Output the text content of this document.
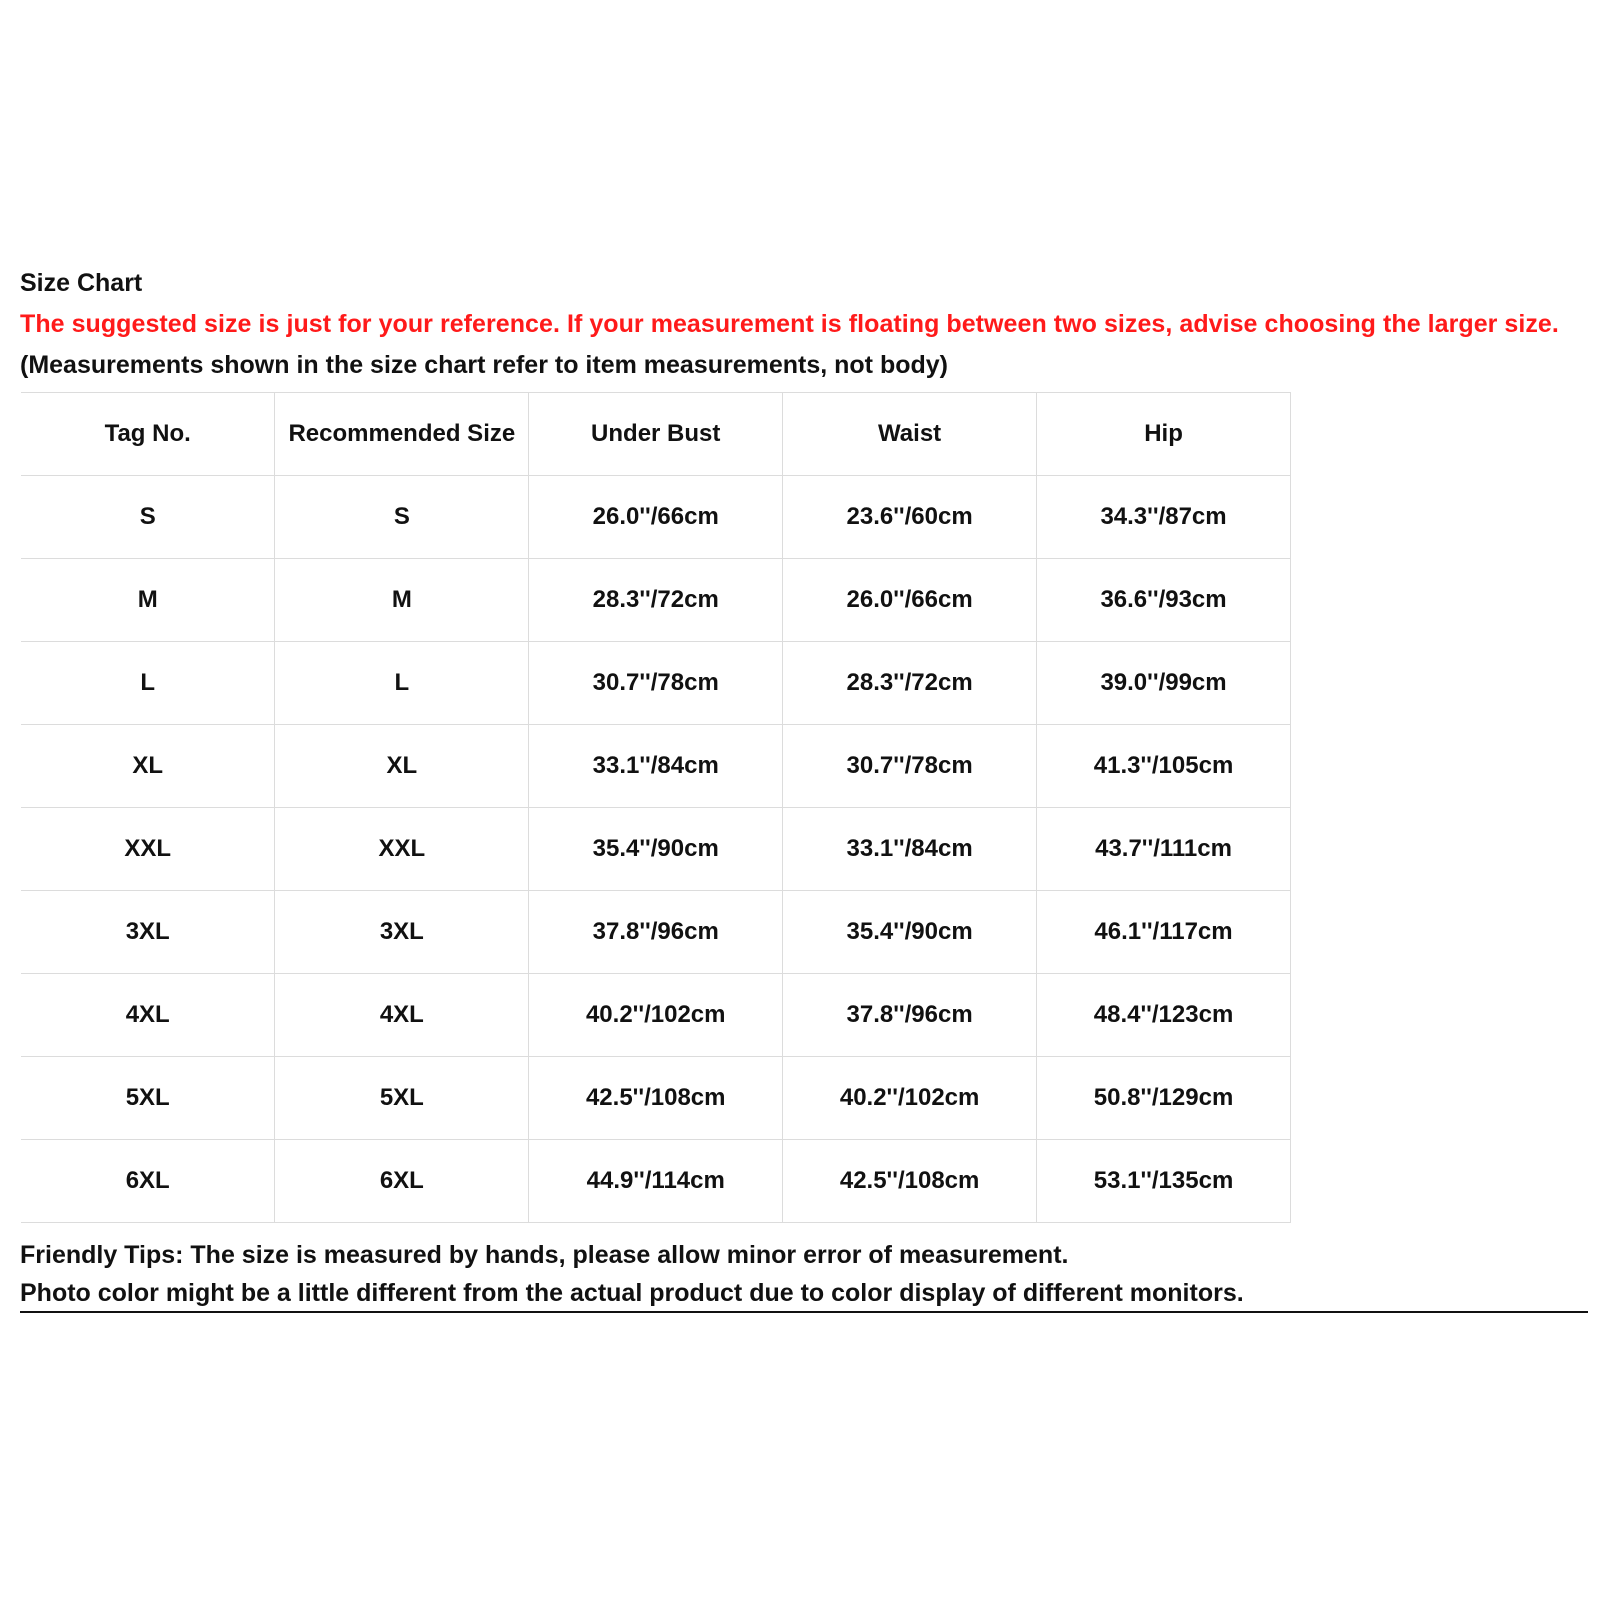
Size Chart
The suggested size is just for your reference. If your measurement is floating between two sizes, advise choosing the larger size.
(Measurements shown in the size chart refer to item measurements, not body)
Tag No.	Recommended Size	Under Bust	Waist	Hip
S	S	26.0''/66cm	23.6''/60cm	34.3''/87cm
M	M	28.3''/72cm	26.0''/66cm	36.6''/93cm
L	L	30.7''/78cm	28.3''/72cm	39.0''/99cm
XL	XL	33.1''/84cm	30.7''/78cm	41.3''/105cm
XXL	XXL	35.4''/90cm	33.1''/84cm	43.7''/111cm
3XL	3XL	37.8''/96cm	35.4''/90cm	46.1''/117cm
4XL	4XL	40.2''/102cm	37.8''/96cm	48.4''/123cm
5XL	5XL	42.5''/108cm	40.2''/102cm	50.8''/129cm
6XL	6XL	44.9''/114cm	42.5''/108cm	53.1''/135cm
Friendly Tips: The size is measured by hands, please allow minor error of measurement.
Photo color might be a little different from the actual product due to color display of different monitors.
